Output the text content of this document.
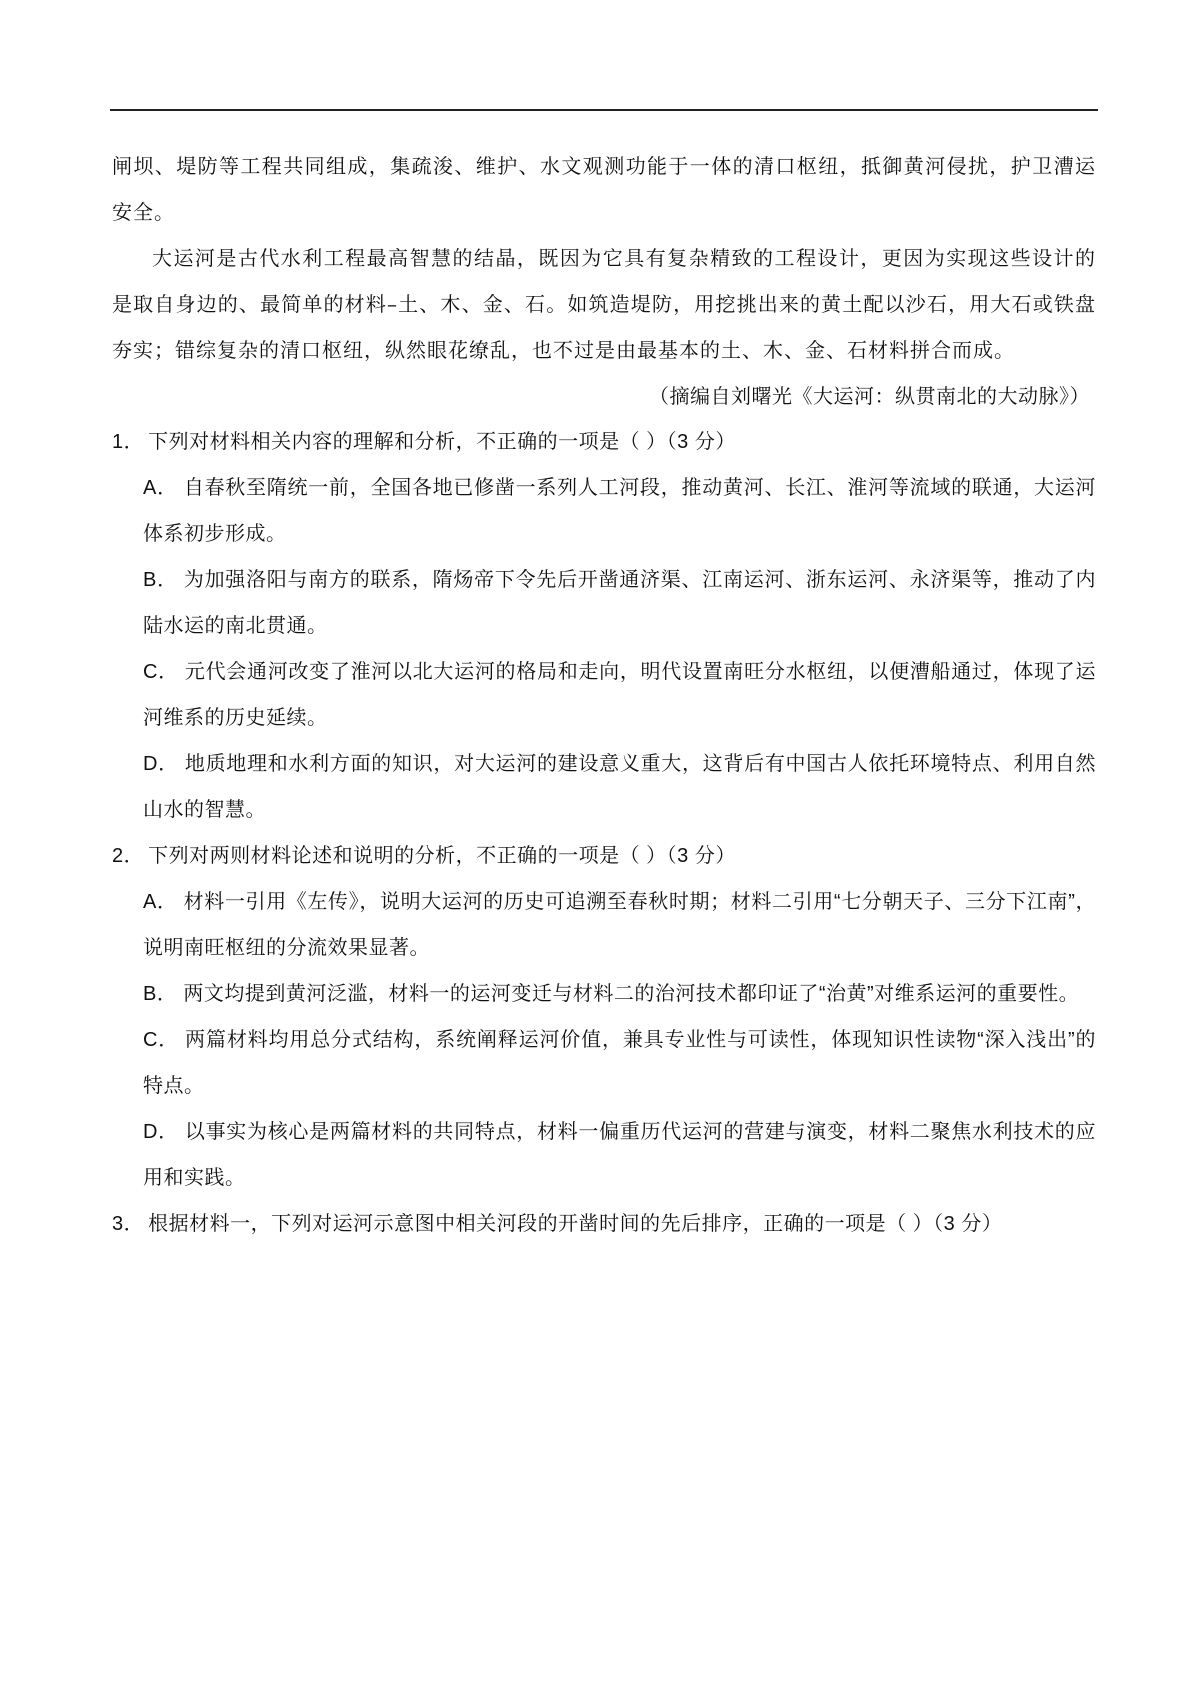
闸坝、堤防等工程共同组成，集疏浚、维护、水文观测功能于一体的清口枢纽，抵御黄河侵扰，护卫漕运安全。

大运河是古代水利工程最高智慧的结晶，既因为它具有复杂精致的工程设计，更因为实现这些设计的是取自身边的、最简单的材料–土、木、金、石。如筑造堤防，用挖挑出来的黄土配以沙石，用大石或铁盘夯实；错综复杂的清口枢纽，纵然眼花缭乱，也不过是由最基本的土、木、金、石材料拼合而成。

（摘编自刘曙光《大运河：纵贯南北的大动脉》）

1． 下列对材料相关内容的理解和分析，不正确的一项是（ ）（3 分）

A． 自春秋至隋统一前，全国各地已修凿一系列人工河段，推动黄河、长江、淮河等流域的联通，大运河体系初步形成。

B． 为加强洛阳与南方的联系，隋炀帝下令先后开凿通济渠、江南运河、浙东运河、永济渠等，推动了内陆水运的南北贯通。

C． 元代会通河改变了淮河以北大运河的格局和走向，明代设置南旺分水枢纽，以便漕船通过，体现了运河维系的历史延续。

D． 地质地理和水利方面的知识，对大运河的建设意义重大，这背后有中国古人依托环境特点、利用自然山水的智慧。

2． 下列对两则材料论述和说明的分析，不正确的一项是（ ）（3 分）

A． 材料一引用《左传》，说明大运河的历史可追溯至春秋时期；材料二引用“七分朝天子、三分下江南”，说明南旺枢纽的分流效果显著。

B． 两文均提到黄河泛滥，材料一的运河变迁与材料二的治河技术都印证了“治黄”对维系运河的重要性。

C． 两篇材料均用总分式结构，系统阐释运河价值，兼具专业性与可读性，体现知识性读物“深入浅出”的特点。

D． 以事实为核心是两篇材料的共同特点，材料一偏重历代运河的营建与演变，材料二聚焦水利技术的应用和实践。

3． 根据材料一，下列对运河示意图中相关河段的开凿时间的先后排序，正确的一项是（ ）（3 分）
